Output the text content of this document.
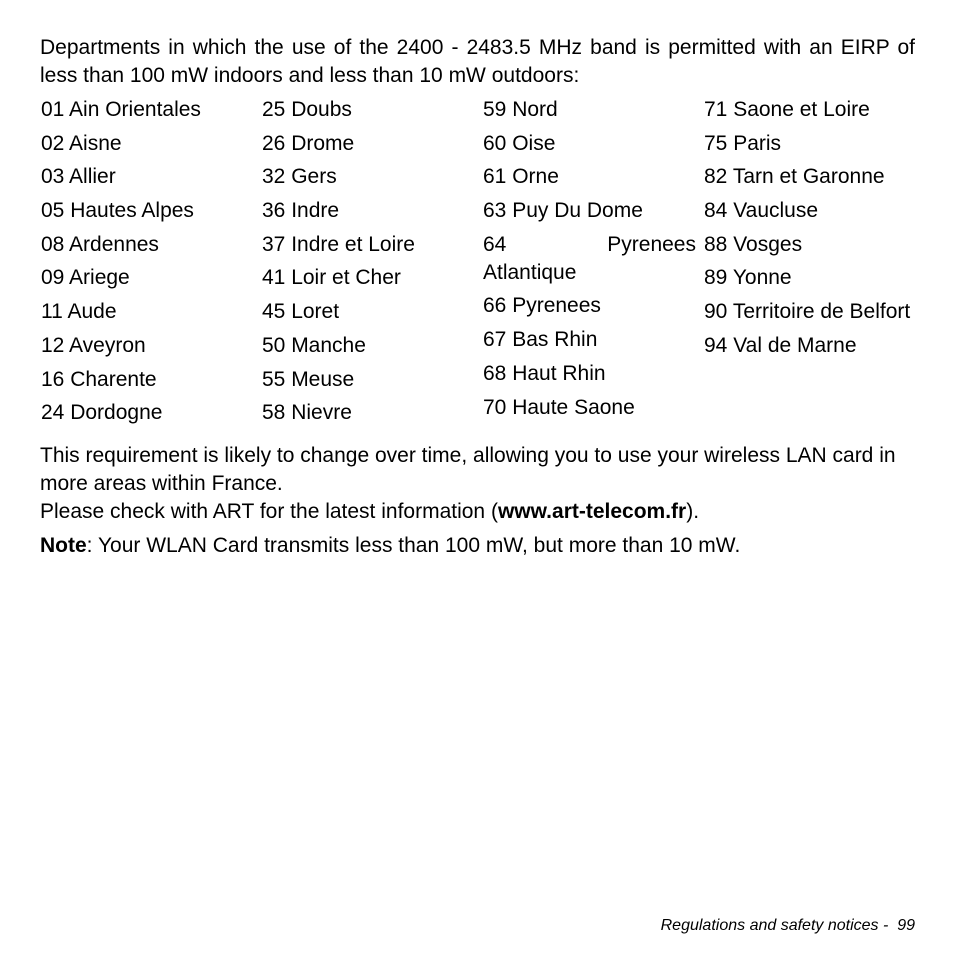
Departments in which the use of the 2400 - 2483.5 MHz band is permitted with an EIRP of less than 100 mW indoors and less than 10 mW outdoors:

01 Ain Orientales
02 Aisne
03 Allier
05 Hautes Alpes
08 Ardennes
09 Ariege
11 Aude
12 Aveyron
16 Charente
24 Dordogne
25 Doubs
26 Drome
32 Gers
36 Indre
37 Indre et Loire
41 Loir et Cher
45 Loret
50 Manche
55 Meuse
58 Nievre
59 Nord
60 Oise
61 Orne
63 Puy Du Dome
64 Pyrenees Atlantique
66 Pyrenees
67 Bas Rhin
68 Haut Rhin
70 Haute Saone
71 Saone et Loire
75 Paris
82 Tarn et Garonne
84 Vaucluse
88 Vosges
89 Yonne
90 Territoire de Belfort
94 Val de Marne

This requirement is likely to change over time, allowing you to use your wireless LAN card in more areas within France.

Please check with ART for the latest information (www.art-telecom.fr).

Note: Your WLAN Card transmits less than 100 mW, but more than 10 mW.

Regulations and safety notices - 99
